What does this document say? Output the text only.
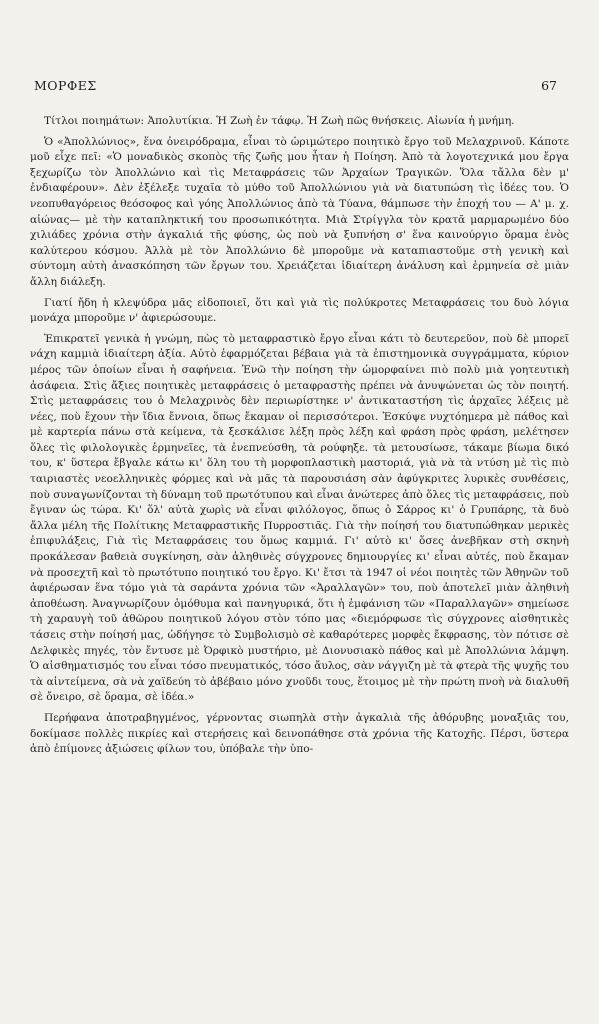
ΜΟΡΦΕΣ	67

Τίτλοι ποιημάτων: Ἀπολυτίκια. Ἡ Ζωὴ ἐν τάφῳ. Ἡ Ζωὴ πῶς θνήσκεις. Αἰωνία ἡ μνήμη.

Ὁ «Ἀπολλώνιος», ἕνα ὀνειρόδραμα, εἶναι τὸ ὡριμώτερο ποιητικὸ ἔργο τοῦ Μελαχρινοῦ. Κάποτε μοῦ εἶχε πεῖ: «Ὁ μοναδικὸς σκοπὸς τῆς ζωῆς μου ἦταν ἡ Ποίηση. Ἀπὸ τὰ λογοτεχνικά μου ἔργα ξεχωρίζω τὸν Ἀπολλώνιο καὶ τὶς Μεταφράσεις τῶν Ἀρχαίων Τραγικῶν. Ὅλα τἄλλα δὲν μ' ἐνδιαφέρουν». Δὲν ἐξέλεξε τυχαῖα τὸ μύθο τοῦ Ἀπολλώνιου γιὰ νὰ διατυπώση τὶς ἰδέες του. Ὁ νεοπυθαγόρειος θεόσοφος καὶ γόης Ἀπολλώνιος ἀπὸ τὰ Τύανα, θάμπωσε τὴν ἐποχή του — Α' μ. χ. αἰώνας— μὲ τὴν καταπληκτική του προσωπικότητα. Μιὰ Στρίγγλα τὸν κρατᾶ μαρμαρωμένο δύο χιλιάδες χρόνια στὴν ἀγκαλιά τῆς φύσης, ὡς ποὺ νὰ ξυπνήση σ' ἕνα καινούργιο ὅραμα ἑνὸς καλύτερου κόσμου. Ἀλλὰ μὲ τὸν Ἀπολλώνιο δὲ μποροῦμε νὰ καταπιαστοῦμε στὴ γενικὴ καὶ σύντομη αὐτὴ ἀνασκόπηση τῶν ἔργων του. Χρειάζεται ἰδιαίτερη ἀνάλυση καὶ ἑρμηνεία σὲ μιὰν ἄλλη διάλεξη.

Γιατί ἤδη ἡ κλεψύδρα μᾶς εἰδοποιεῖ, ὅτι καὶ γιὰ τὶς πολύκροτες Μεταφράσεις του δυὸ λόγια μονάχα μποροῦμε ν' ἀφιερώσουμε.

Ἐπικρατεῖ γενικὰ ἡ γνώμη, πὼς τὸ μεταφραστικὸ ἔργο εἶναι κάτι τὸ δευτερεῦον, ποὺ δὲ μπορεῖ νάχη καμμιὰ ἰδιαίτερη ἀξία. Αὐτὸ ἐφαρμόζεται βέβαια γιὰ τὰ ἐπιστημονικὰ συγγράμματα, κύριον μέρος τῶν ὁποίων εἶναι ἡ σαφήνεια. Ἐνῶ τὴν ποίηση τὴν ὡμορφαίνει πιὸ πολὺ μιὰ γοητευτικὴ ἀσάφεια. Στὶς ἄξιες ποιητικὲς μεταφράσεις ὁ μεταφραστὴς πρέπει νὰ ἀνυψώνεται ὡς τὸν ποιητή. Στὶς μεταφράσεις του ὁ Μελαχρινὸς δὲν περιωρίστηκε ν' ἀντικαταστήση τὶς ἀρχαῖες λέξεις μὲ νέες, ποὺ ἔχουν τὴν ἴδια ἔννοια, ὅπως ἔκαμαν οἱ περισσότεροι. Ἐσκύψε νυχτόημερα μὲ πάθος καὶ μὲ καρτερία πάνω στὰ κείμενα, τὰ ξεσκάλισε λέξη πρὸς λέξη καὶ φράση πρὸς φράση, μελέτησεν ὅλες τὶς φιλολογικὲς ἑρμηνεῖες, τὰ ἐνεπνεύσθη, τὰ ρούφηξε. τὰ μετουσίωσε, τάκαμε βίωμα δικό του, κ' ὕστερα ἔβγαλε κάτω κι' ὅλη του τὴ μορφοπλαστικὴ μαστοριά, γιὰ νὰ τὰ ντύση μὲ τὶς πιὸ ταιριαστὲς νεοελληνικὲς φόρμες καὶ νὰ μᾶς τὰ παρουσιάση σὰν ἀφύγκριτες λυρικὲς συνθέσεις, ποὺ συναγωνίζονται τὴ δύναμη τοῦ πρωτότυπου καὶ εἶναι ἀνώτερες ἀπὸ ὅλες τὶς μεταφράσεις, ποὺ ἔγιναν ὡς τώρα. Κι' ὅλ' αὐτὰ χωρὶς νὰ εἶναι φιλόλογος, ὅπως ὁ Σάρρος κι' ὁ Γρυπάρης, τὰ δυὸ ἄλλα μέλη τῆς Πολίτικης Μεταφραστικῆς Πυρροστιᾶς. Γιὰ τὴν ποίησή του διατυπώθηκαν μερικὲς ἐπιφυλάξεις, Γιὰ τὶς Μεταφράσεις του ὅμως καμμιά. Γι' αὐτὸ κι' ὅσες ἀνεβῆκαν στὴ σκηνὴ προκάλεσαν βαθειὰ συγκίνηση, σὰν ἀληθινὲς σύγχρονες δημιουργίες κι' εἶναι αὐτές, ποὺ ἔκαμαν νὰ προσεχτῆ καὶ τὸ πρωτότυπο ποιητικό του ἔργο. Κι' ἔτσι τὰ 1947 οἱ νέοι ποιητὲς τῶν Ἀθηνῶν τοῦ ἀφιέρωσαν ἕνα τόμο γιὰ τὰ σαράντα χρόνια τῶν «Ἀραλλαγῶν» του, ποὺ ἀποτελεῖ μιὰν ἀληθινὴ ἀποθέωση. Ἀναγνωρίζουν ὁμόθυμα καὶ πανηγυρικά, ὅτι ἡ ἐμφάνιση τῶν «Παραλλαγῶν» σημείωσε τὴ χαραυγὴ τοῦ ἀθῶρου ποιητικοῦ λόγου στὸν τόπο μας «διεμόρφωσε τὶς σύγχρονες αἰσθητικὲς τάσεις στὴν ποίησή μας, ὡδήγησε τὸ Συμβολισμὸ σὲ καθαρότερες μορφὲς ἔκφρασης, τὸν πότισε σὲ Δελφικὲς πηγές, τὸν ἔντυσε μὲ Ὀρφικὸ μυστήριο, μὲ Διονυσιακὸ πάθος καὶ μὲ Ἀπολλώνια λάμψη. Ὁ αἰσθηματισμός του εἶναι τόσο πνευματικός, τόσο ἄυλος, σὰν νάγγιζη μὲ τὰ φτερὰ τῆς ψυχῆς του τὰ αἰντείμενα, σὰ νὰ χαϊδεύη τὸ ἀβέβαιο μόνο χνοῦδι τους, ἕτοιμος μὲ τὴν πρώτη πνοὴ νὰ διαλυθῆ σὲ ὄνειρο, σὲ ὅραμα, σὲ ἰδέα.»

Περήφανα ἀποτραβηγμένος, γέρνοντας σιωπηλὰ στὴν ἀγκαλιὰ τῆς ἀθόρυβης μοναξιᾶς του, δοκίμασε πολλὲς πικρίες καὶ στερήσεις καὶ δεινοπάθησε στὰ χρόνια τῆς Κατοχῆς. Πέρσι, ὕστερα ἀπὸ ἐπίμονες ἀξιώσεις φίλων του, ὑπόβαλε τὴν ὑπο-
